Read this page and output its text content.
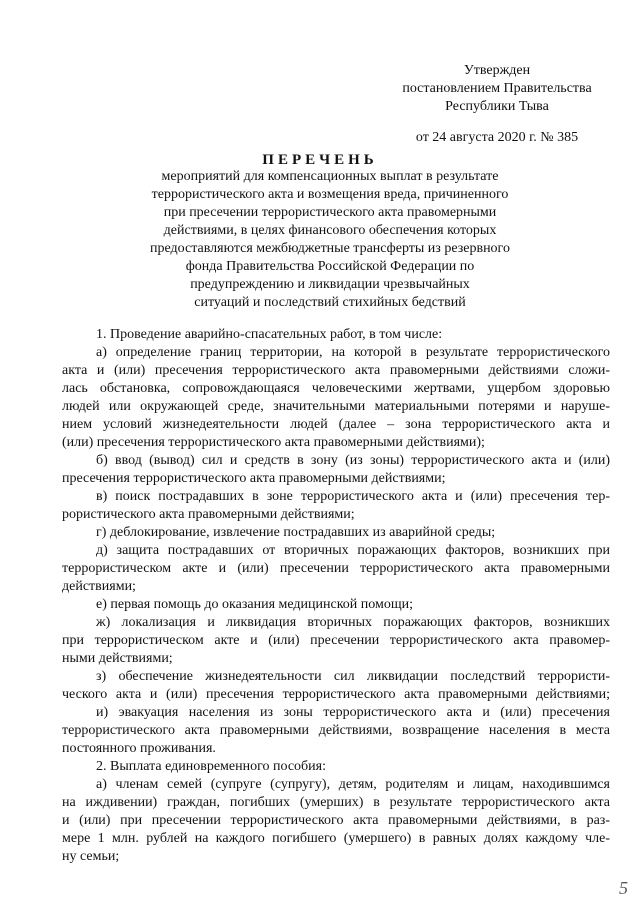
Утвержден
постановлением Правительства
Республики Тыва
от 24 августа 2020 г. № 385
ПЕРЕЧЕНЬ
мероприятий для компенсационных выплат в результате
террористического акта и возмещения вреда, причиненного
при пресечении террористического акта правомерными
действиями, в целях финансового обеспечения которых
предоставляются межбюджетные трансферты из резервного
фонда Правительства Российской Федерации по
предупреждению и ликвидации чрезвычайных
ситуаций и последствий стихийных бедствий
1. Проведение аварийно-спасательных работ, в том числе:
а) определение границ территории, на которой в результате террористического
акта и (или) пресечения террористического акта правомерными действиями сложи-
лась обстановка, сопровождающаяся человеческими жертвами, ущербом здоровью
людей или окружающей среде, значительными материальными потерями и наруше-
нием условий жизнедеятельности людей (далее – зона террористического акта и
(или) пресечения террористического акта правомерными действиями);
б) ввод (вывод) сил и средств в зону (из зоны) террористического акта и (или)
пресечения террористического акта правомерными действиями;
в) поиск пострадавших в зоне террористического акта и (или) пресечения тер-
рористического акта правомерными действиями;
г) деблокирование, извлечение пострадавших из аварийной среды;
д) защита пострадавших от вторичных поражающих факторов, возникших при
террористическом акте и (или) пресечении террористического акта правомерными
действиями;
е) первая помощь до оказания медицинской помощи;
ж) локализация и ликвидация вторичных поражающих факторов, возникших
при террористическом акте и (или) пресечении террористического акта правомер-
ными действиями;
з) обеспечение жизнедеятельности сил ликвидации последствий террористи-
ческого акта и (или) пресечения террористического акта правомерными действиями;
и) эвакуация населения из зоны террористического акта и (или) пресечения
террористического акта правомерными действиями, возвращение населения в места
постоянного проживания.
2. Выплата единовременного пособия:
а) членам семей (супруге (супругу), детям, родителям и лицам, находившимся
на иждивении) граждан, погибших (умерших) в результате террористического акта
и (или) при пресечении террористического акта правомерными действиями, в раз-
мере 1 млн. рублей на каждого погибшего (умершего) в равных долях каждому чле-
ну семьи;
5
